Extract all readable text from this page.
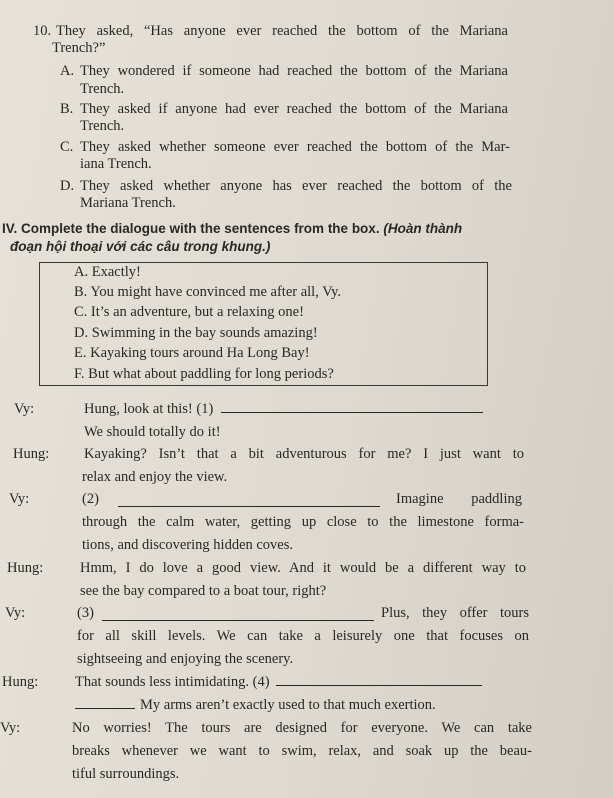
10. They asked, “Has anyone ever reached the bottom of the Mariana
Trench?”
A. They wondered if someone had reached the bottom of the Mariana
Trench.
B. They asked if anyone had ever reached the bottom of the Mariana
Trench.
C. They asked whether someone ever reached the bottom of the Mar-
iana Trench.
D. They asked whether anyone has ever reached the bottom of the
Mariana Trench.
IV. Complete the dialogue with the sentences from the box. (Hoàn thành
đoạn hội thoại với các câu trong khung.)
A. Exactly!
B. You might have convinced me after all, Vy.
C. It’s an adventure, but a relaxing one!
D. Swimming in the bay sounds amazing!
E. Kayaking tours around Ha Long Bay!
F. But what about paddling for long periods?
Vy:	Hung, look at this! (1)
We should totally do it!
Hung: Kayaking? Isn’t that a bit adventurous for me? I just want to
relax and enjoy the view.
Vy:	(2)	Imagine paddling
through the calm water, getting up close to the limestone forma-
tions, and discovering hidden coves.
Hung:	Hmm, I do love a good view. And it would be a different way to
see the bay compared to a boat tour, right?
Vy:	(3)	Plus, they offer tours
for all skill levels. We can take a leisurely one that focuses on
sightseeing and enjoying the scenery.
Hung:	That sounds less intimidating. (4)
My arms aren’t exactly used to that much exertion.
Vy:	No worries! The tours are designed for everyone. We can take
breaks whenever we want to swim, relax, and soak up the beau-
tiful surroundings.
